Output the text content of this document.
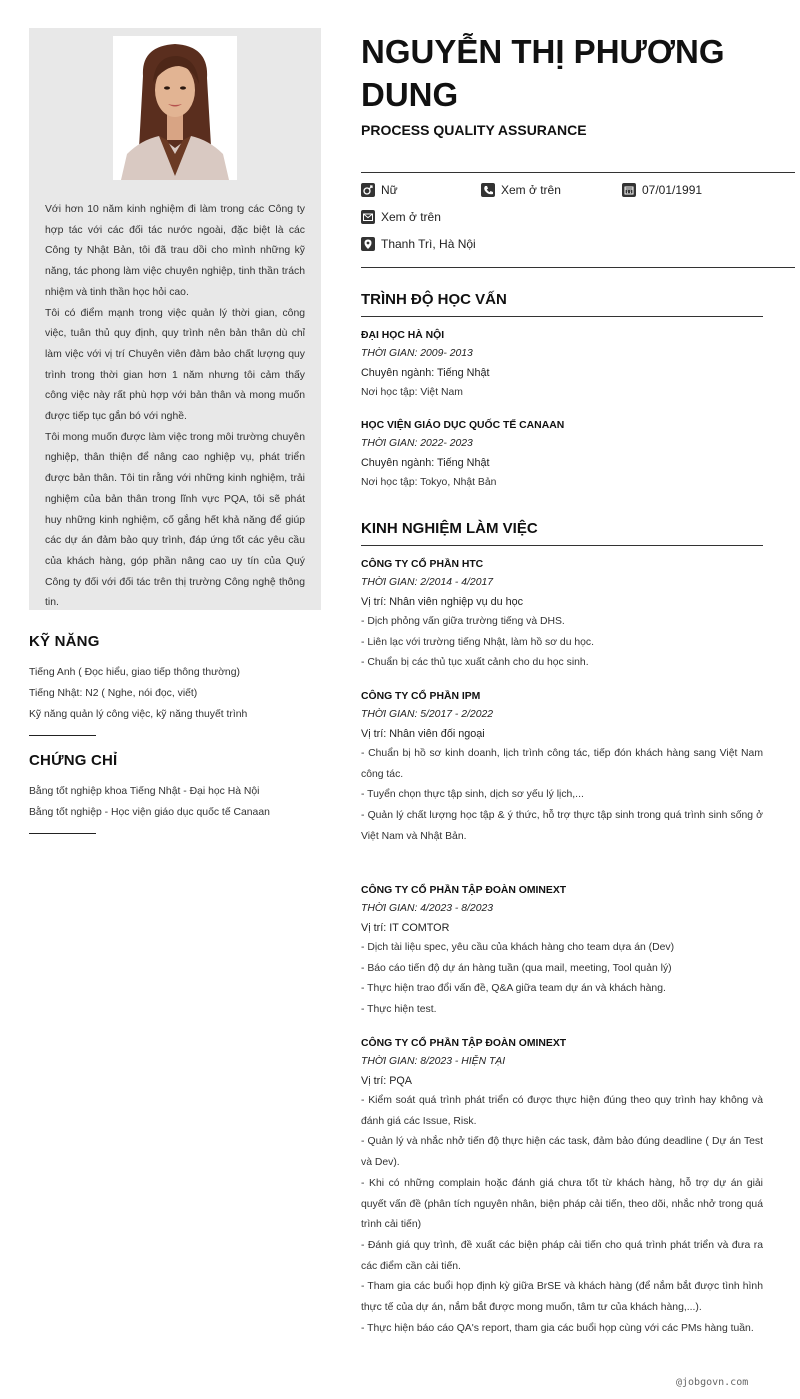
Với hơn 10 năm kinh nghiệm đi làm trong các Công ty hợp tác với các đối tác nước ngoài, đặc biệt là các Công ty Nhật Bản, tôi đã trau dồi cho mình những kỹ năng, tác phong làm việc chuyên nghiệp, tinh thần trách nhiệm và tinh thần học hỏi cao.

Tôi có điểm mạnh trong việc quản lý thời gian, công việc, tuân thủ quy định, quy trình nên bản thân dù chỉ làm việc với vị trí Chuyên viên đảm bảo chất lượng quy trình trong thời gian hơn 1 năm nhưng tôi cảm thấy công việc này rất phù hợp với bản thân và mong muốn được tiếp tục gắn bó với nghề.

Tôi mong muốn được làm việc trong môi trường chuyên nghiệp, thân thiện để nâng cao nghiệp vụ, phát triển được bản thân. Tôi tin rằng với những kinh nghiệm, trải nghiệm của bản thân trong lĩnh vực PQA, tôi sẽ phát huy những kinh nghiệm, cố gắng hết khả năng để giúp các dự án đảm bảo quy trình, đáp ứng tốt các yêu cầu của khách hàng, góp phần nâng cao uy tín của Quý Công ty đối với đối tác trên thị trường Công nghệ thông tin.

KỸ NĂNG
Tiếng Anh ( Đọc hiểu, giao tiếp thông thường)
Tiếng Nhật: N2 ( Nghe, nói đọc, viết)
Kỹ năng quản lý công việc, kỹ năng thuyết trình
CHỨNG CHỈ
Bằng tốt nghiệp khoa Tiếng Nhật - Đại học Hà Nội
Bằng tốt nghiệp - Học viện giáo dục quốc tế Canaan
NGUYỄN THỊ PHƯƠNG DUNG
PROCESS QUALITY ASSURANCE
Nữ	Xem ở trên	07/01/1991
Xem ở trên
Thanh Trì, Hà Nội
TRÌNH ĐỘ HỌC VẤN
ĐẠI HỌC HÀ NỘI
THỜI GIAN: 2009- 2013
Chuyên ngành: Tiếng Nhật
Nơi học tập: Việt Nam
HỌC VIỆN GIÁO DỤC QUỐC TẾ CANAAN
THỜI GIAN: 2022- 2023
Chuyên ngành: Tiếng Nhật
Nơi học tập: Tokyo, Nhật Bản
KINH NGHIỆM LÀM VIỆC
CÔNG TY CỔ PHẦN HTC
THỜI GIAN: 2/2014 - 4/2017
Vị trí: Nhân viên nghiệp vụ du học
- Dịch phỏng vấn giữa trường tiếng và DHS.
- Liên lạc với trường tiếng Nhật, làm hồ sơ du học.
- Chuẩn bị các thủ tục xuất cảnh cho du học sinh.
CÔNG TY CỔ PHẦN IPM
THỜI GIAN: 5/2017 - 2/2022
Vị trí: Nhân viên đối ngoại
- Chuẩn bị hồ sơ kinh doanh, lịch trình công tác, tiếp đón khách hàng sang Việt Nam công tác.
- Tuyển chọn thực tập sinh, dịch sơ yếu lý lịch,...
- Quản lý chất lượng học tập & ý thức, hỗ trợ thực tập sinh trong quá trình sinh sống ở Việt Nam và Nhật Bản.
CÔNG TY CỔ PHẦN TẬP ĐOÀN OMINEXT
THỜI GIAN: 4/2023 - 8/2023
Vị trí: IT COMTOR
- Dịch tài liệu spec, yêu cầu của khách hàng cho team dựa án (Dev)
- Báo cáo tiến độ dự án hàng tuần (qua mail, meeting, Tool quản lý)
- Thực hiện trao đổi vấn đề, Q&A giữa team dự án và khách hàng.
- Thực hiện test.
CÔNG TY CỔ PHẦN TẬP ĐOÀN OMINEXT
THỜI GIAN: 8/2023 - HIỆN TẠI
Vị trí: PQA
- Kiểm soát quá trình phát triển có được thực hiện đúng theo quy trình hay không và đánh giá các Issue, Risk.
- Quản lý và nhắc nhở tiến độ thực hiện các task, đảm bảo đúng deadline ( Dự án Test và Dev).
- Khi có những complain hoặc đánh giá chưa tốt từ khách hàng, hỗ trợ dự án giải quyết vấn đề (phân tích nguyên nhân, biện pháp cải tiến, theo dõi, nhắc nhở trong quá trình cải tiến)
- Đánh giá quy trình, đề xuất các biện pháp cải tiến cho quá trình phát triển và đưa ra các điểm cần cải tiến.
- Tham gia các buổi họp định kỳ giữa BrSE và khách hàng (để nắm bắt được tình hình thực tế của dự án, nắm bắt được mong muốn, tâm tư của khách hàng,...).
- Thực hiện báo cáo QA's report, tham gia các buổi họp cùng với các PMs hàng tuần.
@jobgovn.com
